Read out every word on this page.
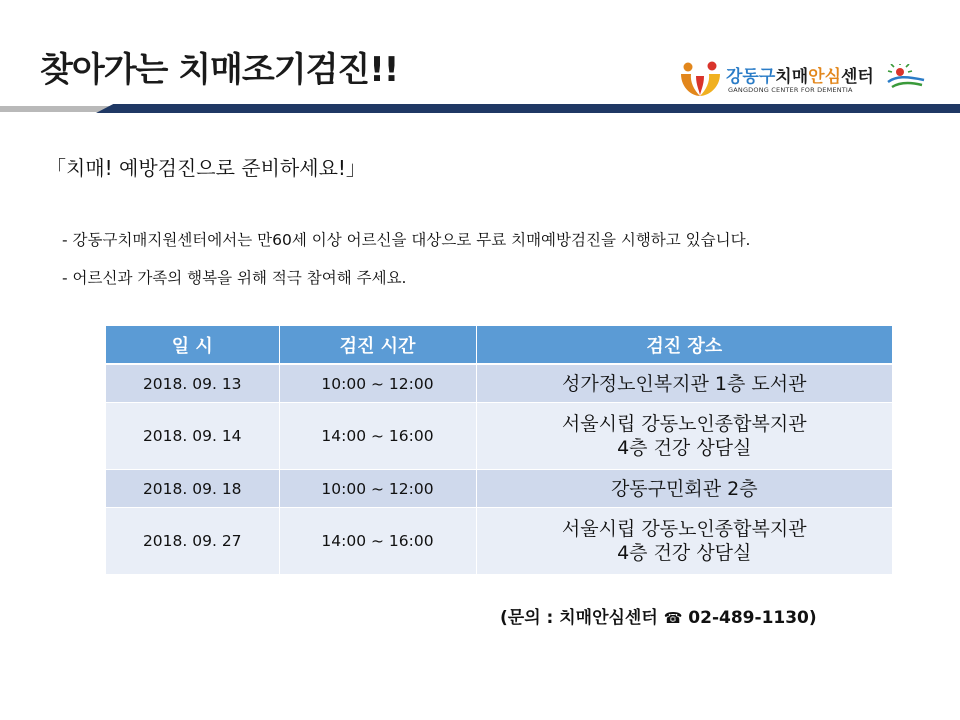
찾아가는 치매조기검진!!	강동구치매안심센터
GANGDONG CENTER FOR DEMENTIA
「치매! 예방검진으로 준비하세요!」
- 강동구치매지원센터에서는 만60세 이상 어르신을 대상으로 무료 치매예방검진을 시행하고 있습니다.
- 어르신과 가족의 행복을 위해 적극 참여해 주세요.
일 시	검진 시간	검진 장소
2018. 09. 13	10:00 ~ 12:00	성가정노인복지관 1층 도서관

2018. 09. 14	14:00 ~ 16:00	서울시립 강동노인종합복지관
4층 건강 상담실

2018. 09. 18	10:00 ~ 12:00	강동구민회관 2층

2018. 09. 27	14:00 ~ 16:00	서울시립 강동노인종합복지관
4층 건강 상담실
(문의 : 치매안심센터 ☎ 02-489-1130)
